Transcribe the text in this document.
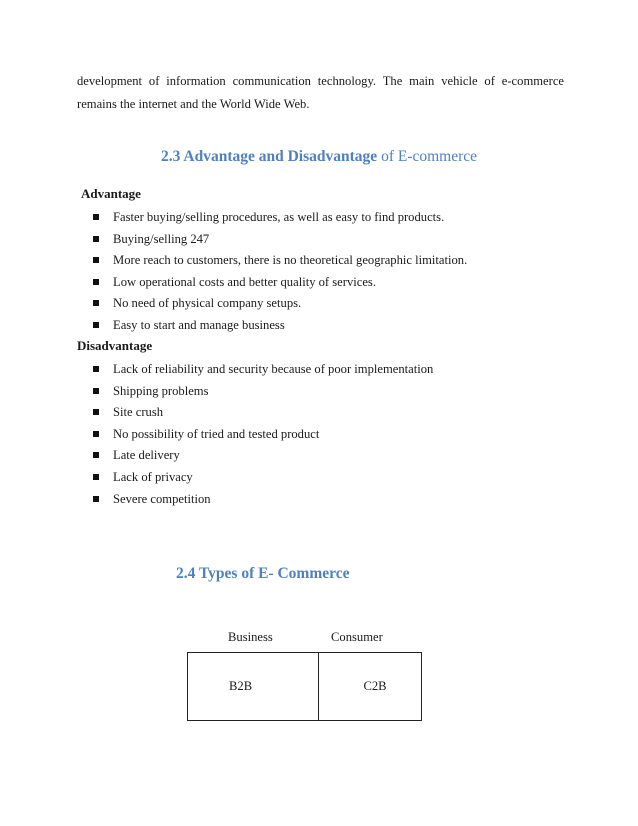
development of information communication technology. The main vehicle of e-commerce remains the internet and the World Wide Web.

2.3 Advantage and Disadvantage of E-commerce
Advantage
Faster buying/selling procedures, as well as easy to find products.
Buying/selling 247
More reach to customers, there is no theoretical geographic limitation.
Low operational costs and better quality of services.
No need of physical company setups.
Easy to start and manage business
Disadvantage
Lack of reliability and security because of poor implementation
Shipping problems
Site crush
No possibility of tried and tested product
Late delivery
Lack of privacy
Severe competition
2.4 Types of E- Commerce

Business	Consumer

B2B	C2B
